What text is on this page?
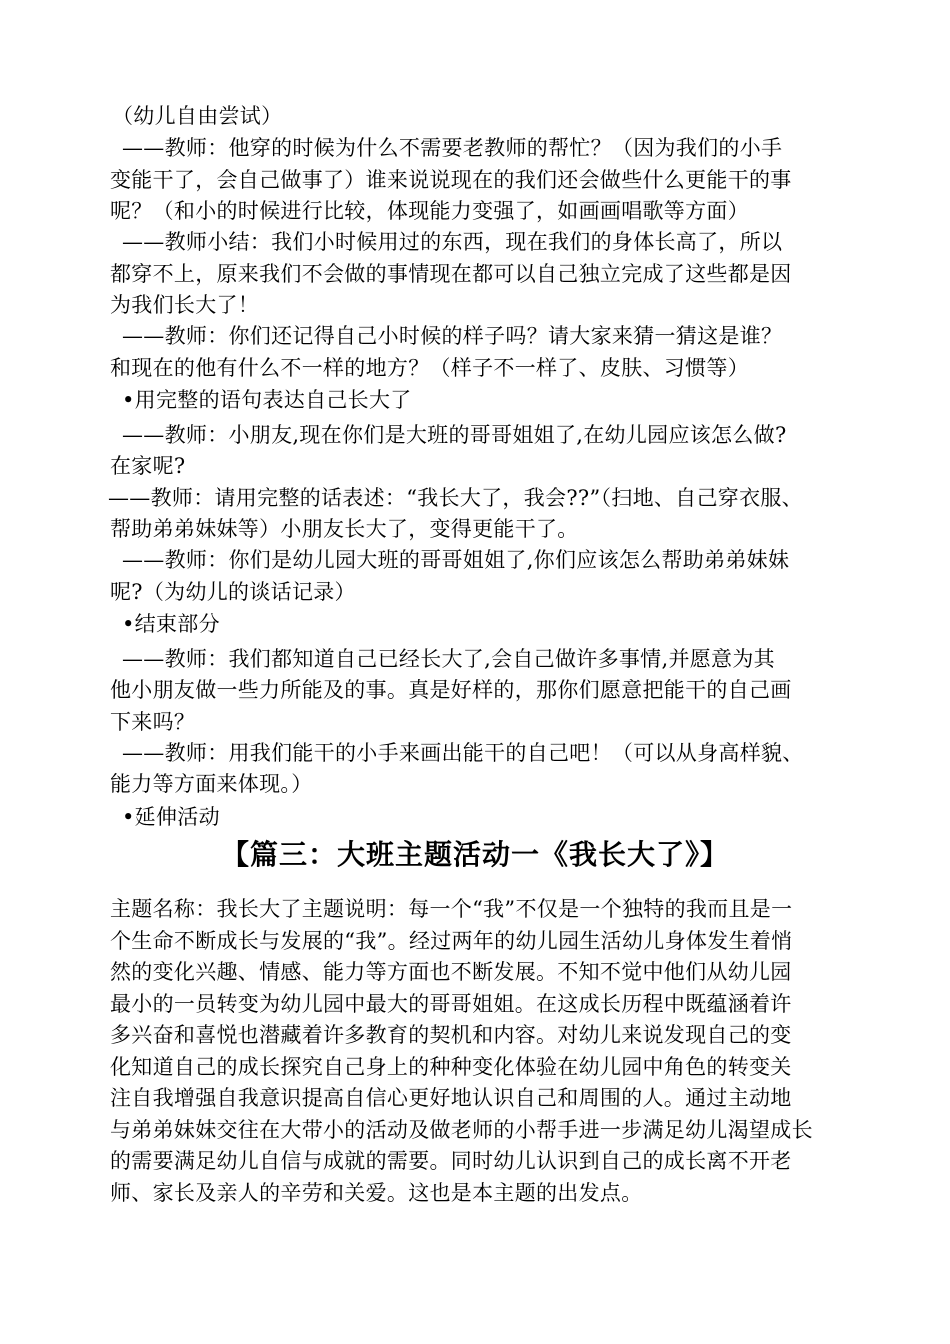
（幼儿自由尝试）
——教师：他穿的时候为什么不需要老教师的帮忙？（因为我们的小手
变能干了，会自己做事了）谁来说说现在的我们还会做些什么更能干的事
呢？（和小的时候进行比较，体现能力变强了，如画画唱歌等方面）
——教师小结：我们小时候用过的东西，现在我们的身体长高了，所以
都穿不上，原来我们不会做的事情现在都可以自己独立完成了这些都是因
为我们长大了！
——教师：你们还记得自己小时候的样子吗？请大家来猜一猜这是谁？
和现在的他有什么不一样的地方？（样子不一样了、皮肤、习惯等）
•用完整的语句表达自己长大了
——教师：小朋友,现在你们是大班的哥哥姐姐了,在幼儿园应该怎么做?
在家呢?
——教师：请用完整的话表述：“我长大了，我会??”（扫地、自己穿衣服、
帮助弟弟妹妹等）小朋友长大了，变得更能干了。
——教师：你们是幼儿园大班的哥哥姐姐了,你们应该怎么帮助弟弟妹妹
呢?（为幼儿的谈话记录）
•结束部分
——教师：我们都知道自己已经长大了,会自己做许多事情,并愿意为其
他小朋友做一些力所能及的事。真是好样的，那你们愿意把能干的自己画
下来吗？
——教师：用我们能干的小手来画出能干的自己吧！（可以从身高样貌、
能力等方面来体现。）
•延伸活动
【篇三：大班主题活动一《我长大了》】
主题名称：我长大了主题说明：每一个“我”不仅是一个独特的我而且是一
个生命不断成长与发展的“我”。经过两年的幼儿园生活幼儿身体发生着悄
然的变化兴趣、情感、能力等方面也不断发展。不知不觉中他们从幼儿园
最小的一员转变为幼儿园中最大的哥哥姐姐。在这成长历程中既蕴涵着许
多兴奋和喜悦也潜藏着许多教育的契机和内容。对幼儿来说发现自己的变
化知道自己的成长探究自己身上的种种变化体验在幼儿园中角色的转变关
注自我增强自我意识提高自信心更好地认识自己和周围的人。通过主动地
与弟弟妹妹交往在大带小的活动及做老师的小帮手进一步满足幼儿渴望成长
的需要满足幼儿自信与成就的需要。同时幼儿认识到自己的成长离不开老
师、家长及亲人的辛劳和关爱。这也是本主题的出发点。
